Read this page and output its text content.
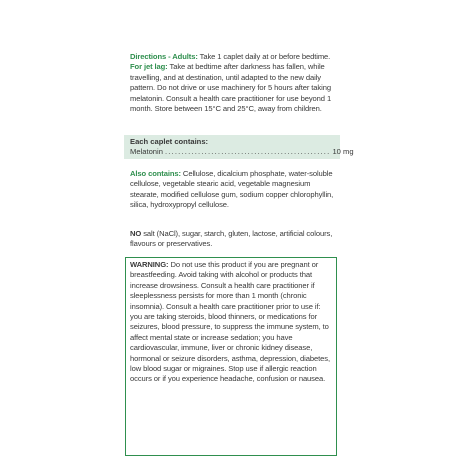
Directions - Adults: Take 1 caplet daily at or before bedtime. For jet lag: Take at bedtime after darkness has fallen, while travelling, and at destination, until adapted to the new daily pattern. Do not drive or use machinery for 5 hours after taking melatonin. Consult a health care practitioner for use beyond 1 month. Store between 15°C and 25°C, away from children.
Each caplet contains:
Melatonin .................................................. 10 mg
Also contains: Cellulose, dicalcium phosphate, water-soluble cellulose, vegetable stearic acid, vegetable magnesium stearate, modified cellulose gum, sodium copper chlorophyllin, silica, hydroxypropyl cellulose.
NO salt (NaCl), sugar, starch, gluten, lactose, artificial colours, flavours or preservatives.
WARNING: Do not use this product if you are pregnant or breastfeeding. Avoid taking with alcohol or products that increase drowsiness. Consult a health care practitioner if sleeplessness persists for more than 1 month (chronic insomnia). Consult a health care practitioner prior to use if: you are taking steroids, blood thinners, or medications for seizures, blood pressure, to suppress the immune system, to affect mental state or increase sedation; you have cardiovascular, immune, liver or chronic kidney disease, hormonal or seizure disorders, asthma, depression, diabetes, low blood sugar or migraines. Stop use if allergic reaction occurs or if you experience headache, confusion or nausea.
